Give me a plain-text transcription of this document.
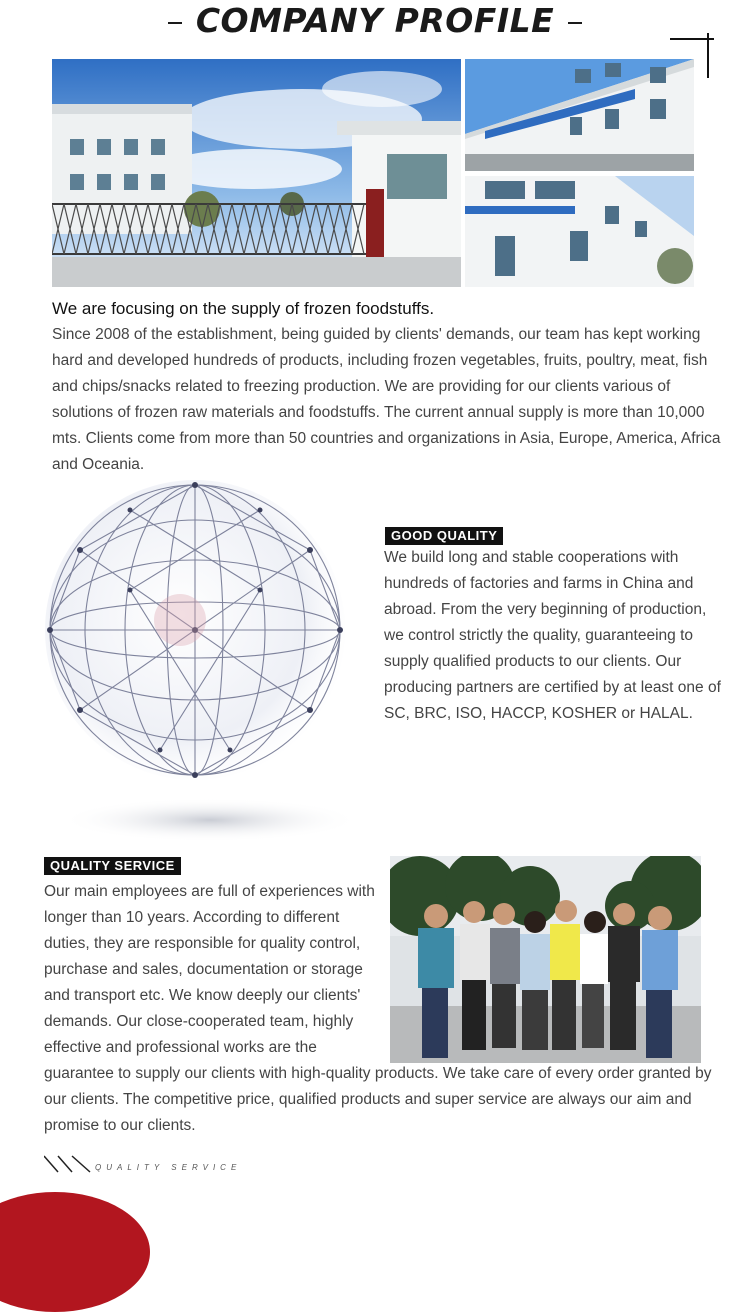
COMPANY PROFILE
We are focusing on the supply of frozen foodstuffs.
Since 2008 of the establishment, being guided by clients' demands, our team has kept working hard and developed hundreds of products, including frozen vegetables, fruits, poultry, meat, fish and chips/snacks related to freezing production. We are providing for our clients various of solutions of frozen raw materials and foodstuffs. The current annual supply is more than 10,000 mts. Clients come from more than 50 countries and organizations in Asia, Europe, America, Africa and Oceania.
GOOD QUALITY
We build long and stable cooperations with hundreds of factories and farms in China and abroad. From the very beginning of production, we control strictly the quality, guaranteeing to supply qualified products to our clients. Our producing partners are certified by at least one of SC, BRC, ISO, HACCP, KOSHER or HALAL.
QUALITY SERVICE
Our main employees are full of experiences with longer than 10 years. According to different duties, they are responsible for quality control, purchase and sales, documentation or storage and transport etc. We know deeply our clients' demands. Our close-cooperated team, highly effective and professional works are the
guarantee to supply our clients with high-quality products. We take care of every order granted by our clients. The competitive price, qualified products and super service are always our aim and promise to our clients.
QUALITY SERVICE
